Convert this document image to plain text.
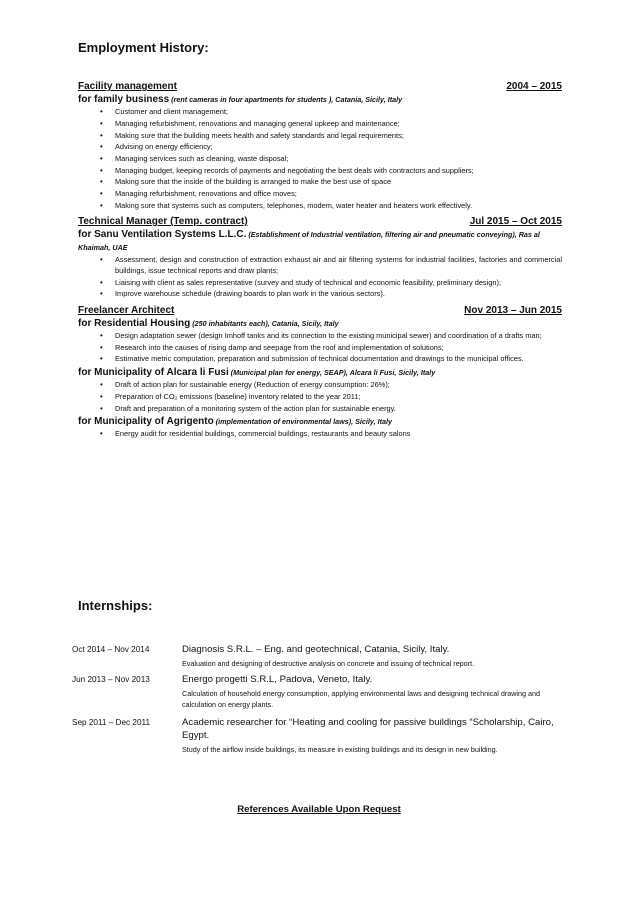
Employment History:
Facility management	2004 – 2015
for family business (rent cameras in four apartments for students ), Catania, Sicily, Italy
• Customer and client management;
• Managing refurbishment, renovations and managing general upkeep and maintenance;
• Making sure that the building meets health and safety standards and legal requirements;
• Advising on energy efficiency;
• Managing services such as cleaning, waste disposal;
• Managing budget, keeping records of payments and negotiating the best deals with contractors and suppliers;
• Making sure that the inside of the building is arranged to make the best use of space
• Managing refurbishment, renovations and office moves;
• Making sure that systems such as computers, telephones, modem, water heater and heaters work effectively.
Technical Manager (Temp. contract)	Jul 2015 – Oct 2015
for Sanu Ventilation Systems L.L.C. (Establishment of Industrial ventilation, filtering air and pneumatic conveying), Ras al Khaimah, UAE
• Assessment, design and construction of extraction exhaust air and air filtering systems for industrial facilities, factories and commercial buildings, issue technical reports and draw plants;
• Liaising with client as sales representative (survey and study of technical and economic feasibility, preliminary design);
• Improve warehouse schedule (drawing boards to plan work in the various sectors).
Freelancer Architect	Nov 2013 – Jun 2015
for Residential Housing (250 inhabitants each), Catania, Sicily, Italy
• Design adaptation sewer (design Imhoff tanks and its connection to the existing municipal sewer) and coordination of a drafts man;
• Research into the causes of rising damp and seepage from the roof and implementation of solutions;
• Estimative metric computation, preparation and submission of technical documentation and drawings to the municipal offices.
for Municipality of Alcara li Fusi (Municipal plan for energy, SEAP), Alcara li Fusi, Sicily, Italy
• Draft of action plan for sustainable energy (Reduction of energy consumption: 26%);
• Preparation of CO₂ emissions (baseline) inventory related to the year 2011;
• Draft and preparation of a monitoring system of the action plan for sustainable energy.
for Municipality of Agrigento (implementation of environmental laws), Sicily, Italy
• Energy audit for residential buildings, commercial buildings, restaurants and beauty salons
Internships:
Oct 2014 – Nov 2014	Diagnosis S.R.L. – Eng. and geotechnical, Catania, Sicily, Italy.
Evaluation and designing of destructive analysis on concrete and issuing of technical report.
Jun 2013 – Nov 2013	Energo progetti S.R.L, Padova, Veneto, Italy.
Calculation of household energy consumption, applying environmental laws and designing technical drawing and calculation on energy plants.
Sep 2011 – Dec 2011	Academic researcher for “Heating and cooling for passive buildings “Scholarship, Cairo, Egypt.
Study of the airflow inside buildings, its measure in existing buildings and its design in new building.
References Available Upon Request
